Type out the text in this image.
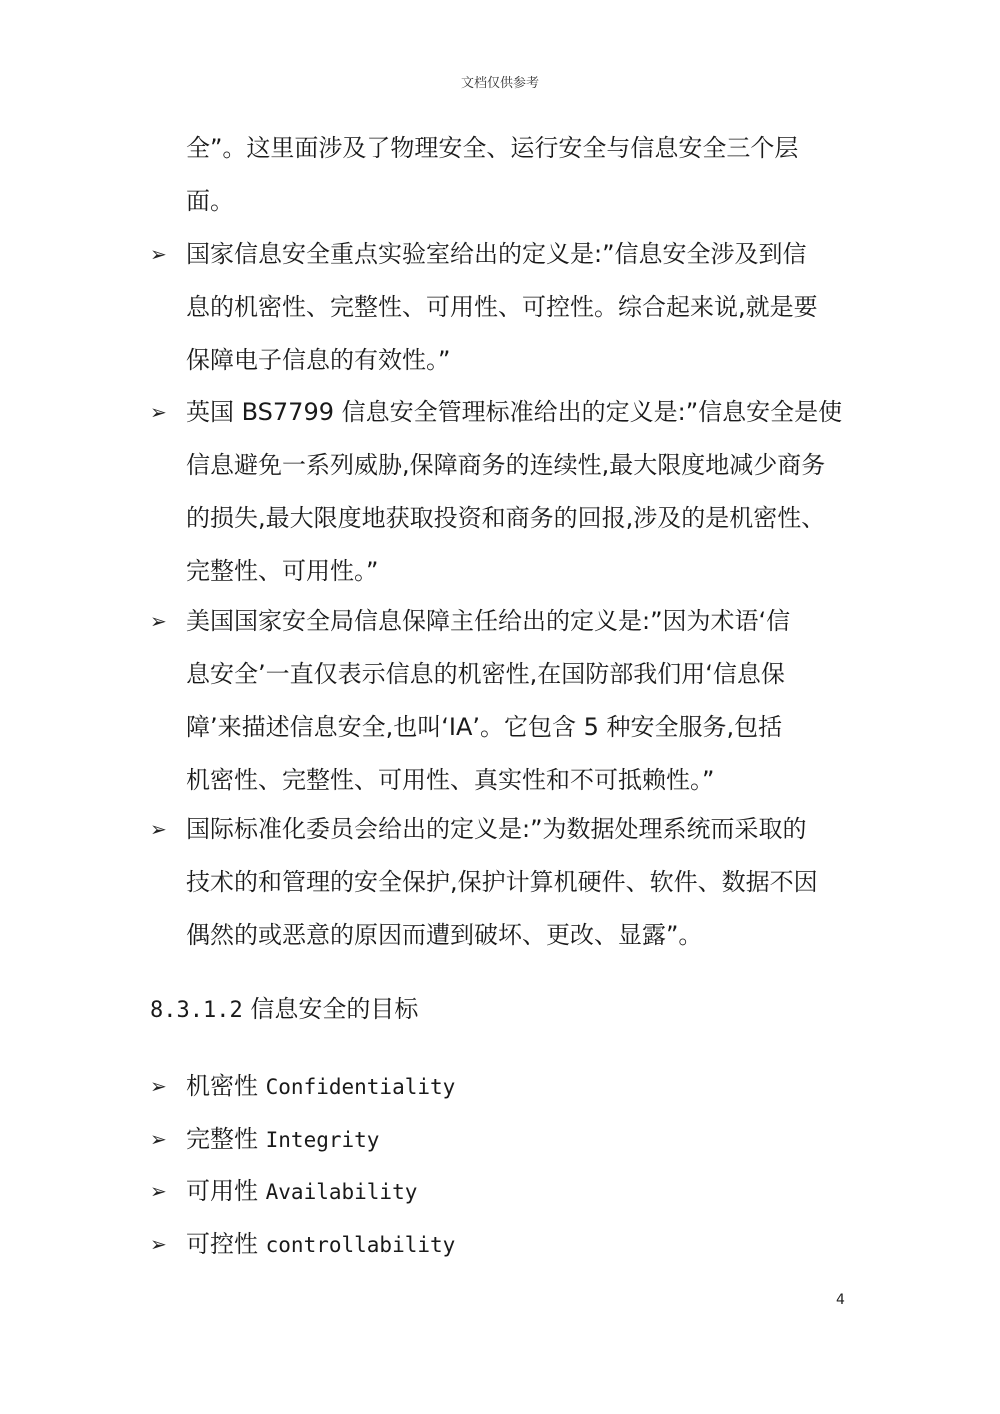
文档仅供参考
全”。这里面涉及了物理安全、运行安全与信息安全三个层
面。
➢ 国家信息安全重点实验室给出的定义是:”信息安全涉及到信
息的机密性、完整性、可用性、可控性。综合起来说,就是要
保障电子信息的有效性。”
➢ 英国 BS7799 信息安全管理标准给出的定义是:”信息安全是使
信息避免一系列威胁,保障商务的连续性,最大限度地减少商务
的损失,最大限度地获取投资和商务的回报,涉及的是机密性、
完整性、可用性。”
➢ 美国国家安全局信息保障主任给出的定义是:”因为术语‘信
息安全’一直仅表示信息的机密性,在国防部我们用‘信息保
障’来描述信息安全,也叫‘IA’。它包含 5 种安全服务,包括
机密性、完整性、可用性、真实性和不可抵赖性。”
➢ 国际标准化委员会给出的定义是:”为数据处理系统而采取的
技术的和管理的安全保护,保护计算机硬件、软件、数据不因
偶然的或恶意的原因而遭到破坏、更改、显露”。
8.3.1.2 信息安全的目标
➢ 机密性 Confidentiality
➢ 完整性 Integrity
➢ 可用性 Availability
➢ 可控性 controllability
4
